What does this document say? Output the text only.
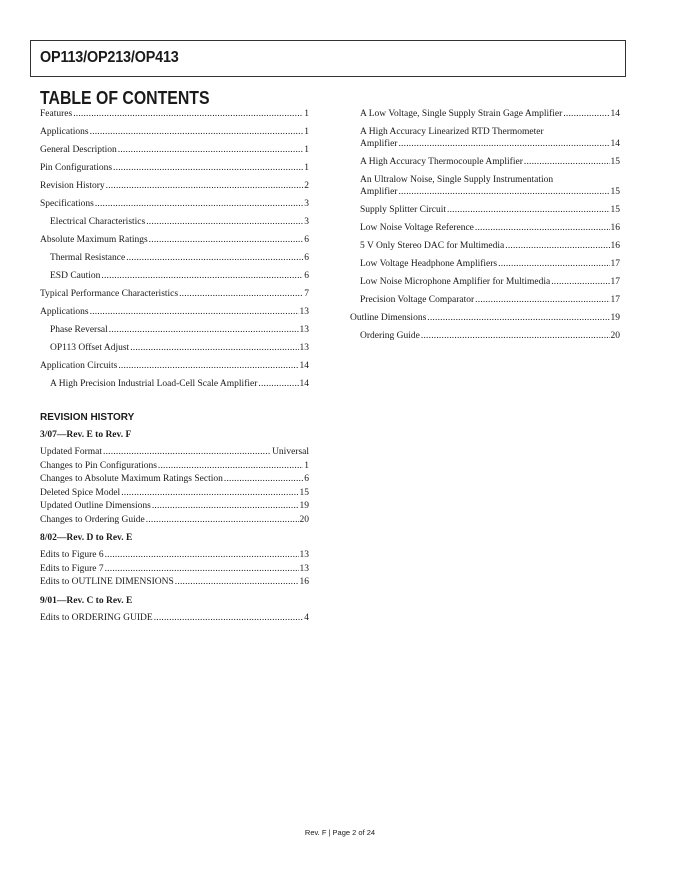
OP113/OP213/OP413
TABLE OF CONTENTS
Features .....	1
Applications .....	1
General Description .....	1
Pin Configurations .....	1
Revision History .....	2
Specifications .....	3
Electrical Characteristics .....	3
Absolute Maximum Ratings .....	6
Thermal Resistance .....	6
ESD Caution .....	6
Typical Performance Characteristics .....	7
Applications .....	13
Phase Reversal .....	13
OP113 Offset Adjust .....	13
Application Circuits .....	14
A High Precision Industrial Load-Cell Scale Amplifier .....	14
A Low Voltage, Single Supply Strain Gage Amplifier .....	14
A High Accuracy Linearized RTD Thermometer
Amplifier .....	14
A High Accuracy Thermocouple Amplifier .....	15
An Ultralow Noise, Single Supply Instrumentation
Amplifier .....	15
Supply Splitter Circuit .....	15
Low Noise Voltage Reference .....	16
5 V Only Stereo DAC for Multimedia .....	16
Low Voltage Headphone Amplifiers .....	17
Low Noise Microphone Amplifier for Multimedia .....	17
Precision Voltage Comparator .....	17
Outline Dimensions .....	19
Ordering Guide .....	20
REVISION HISTORY
3/07—Rev. E to Rev. F
Updated Format .....	Universal
Changes to Pin Configurations .....	1
Changes to Absolute Maximum Ratings Section .....	6
Deleted Spice Model .....	15
Updated Outline Dimensions .....	19
Changes to Ordering Guide .....	20
8/02—Rev. D to Rev. E
Edits to Figure 6 .....	13
Edits to Figure 7 .....	13
Edits to OUTLINE DIMENSIONS .....	16
9/01—Rev. C to Rev. E
Edits to ORDERING GUIDE .....	4
Rev. F | Page 2 of 24
